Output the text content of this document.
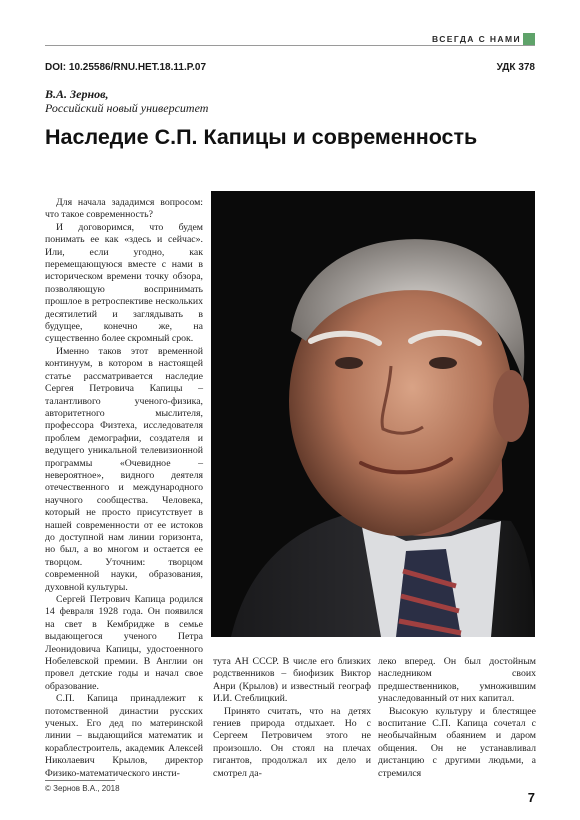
ВСЕГДА С НАМИ
DOI: 10.25586/RNU.HET.18.11.P.07	УДК 378
В.А. Зернов,
Российский новый университет
Наследие С.П. Капицы и современность

Для начала зададимся вопросом: что такое современность?

И договоримся, что будем понимать ее как «здесь и сейчас». Или, если угодно, как перемещающуюся вместе с нами в историческом времени точку обзора, позволяющую воспринимать прошлое в ретроспективе нескольких десятилетий и заглядывать в будущее, конечно же, на существенно более скромный срок.

Именно таков этот временной континуум, в котором в настоящей статье рассматривается наследие Сергея Петровича Капицы – талантливого ученого-физика, авторитетного мыслителя, профессора Физтеха, исследователя проблем демографии, создателя и ведущего уникальной телевизионной программы «Очевидное – невероятное», видного деятеля отечественного и международного научного сообщества. Человека, который не просто присутствует в нашей современности от ее истоков до доступной нам линии горизонта, но был, а во многом и остается ее творцом. Уточним: творцом современной науки, образования, духовной культуры.

Сергей Петрович Капица родился 14 февраля 1928 года. Он появился на свет в Кембридже в семье выдающегося ученого Петра Леонидовича Капицы, удостоенного Нобелевской премии. В Англии он провел детские годы и начал свое образование.

С.П. Капица принадлежит к потомственной династии русских ученых. Его дед по материнской линии – выдающийся математик и кораблестроитель, академик Алексей Николаевич Крылов, директор Физико-математического инсти-

тута АН СССР. В числе его близких родственников – биофизик Виктор Анри (Крылов) и известный географ И.И. Стеблицкий.

Принято считать, что на детях гениев природа отдыхает. Но с Сергеем Петровичем этого не произошло. Он стоял на плечах гигантов, продолжал их дело и смотрел да-

леко вперед. Он был достойным наследником своих предшественников, умножившим унаследованный от них капитал.

Высокую культуру и блестящее воспитание С.П. Капица сочетал с необычайным обаянием и даром общения. Он не устанавливал дистанцию с другими людьми, а стремился

© Зернов В.А., 2018
7
